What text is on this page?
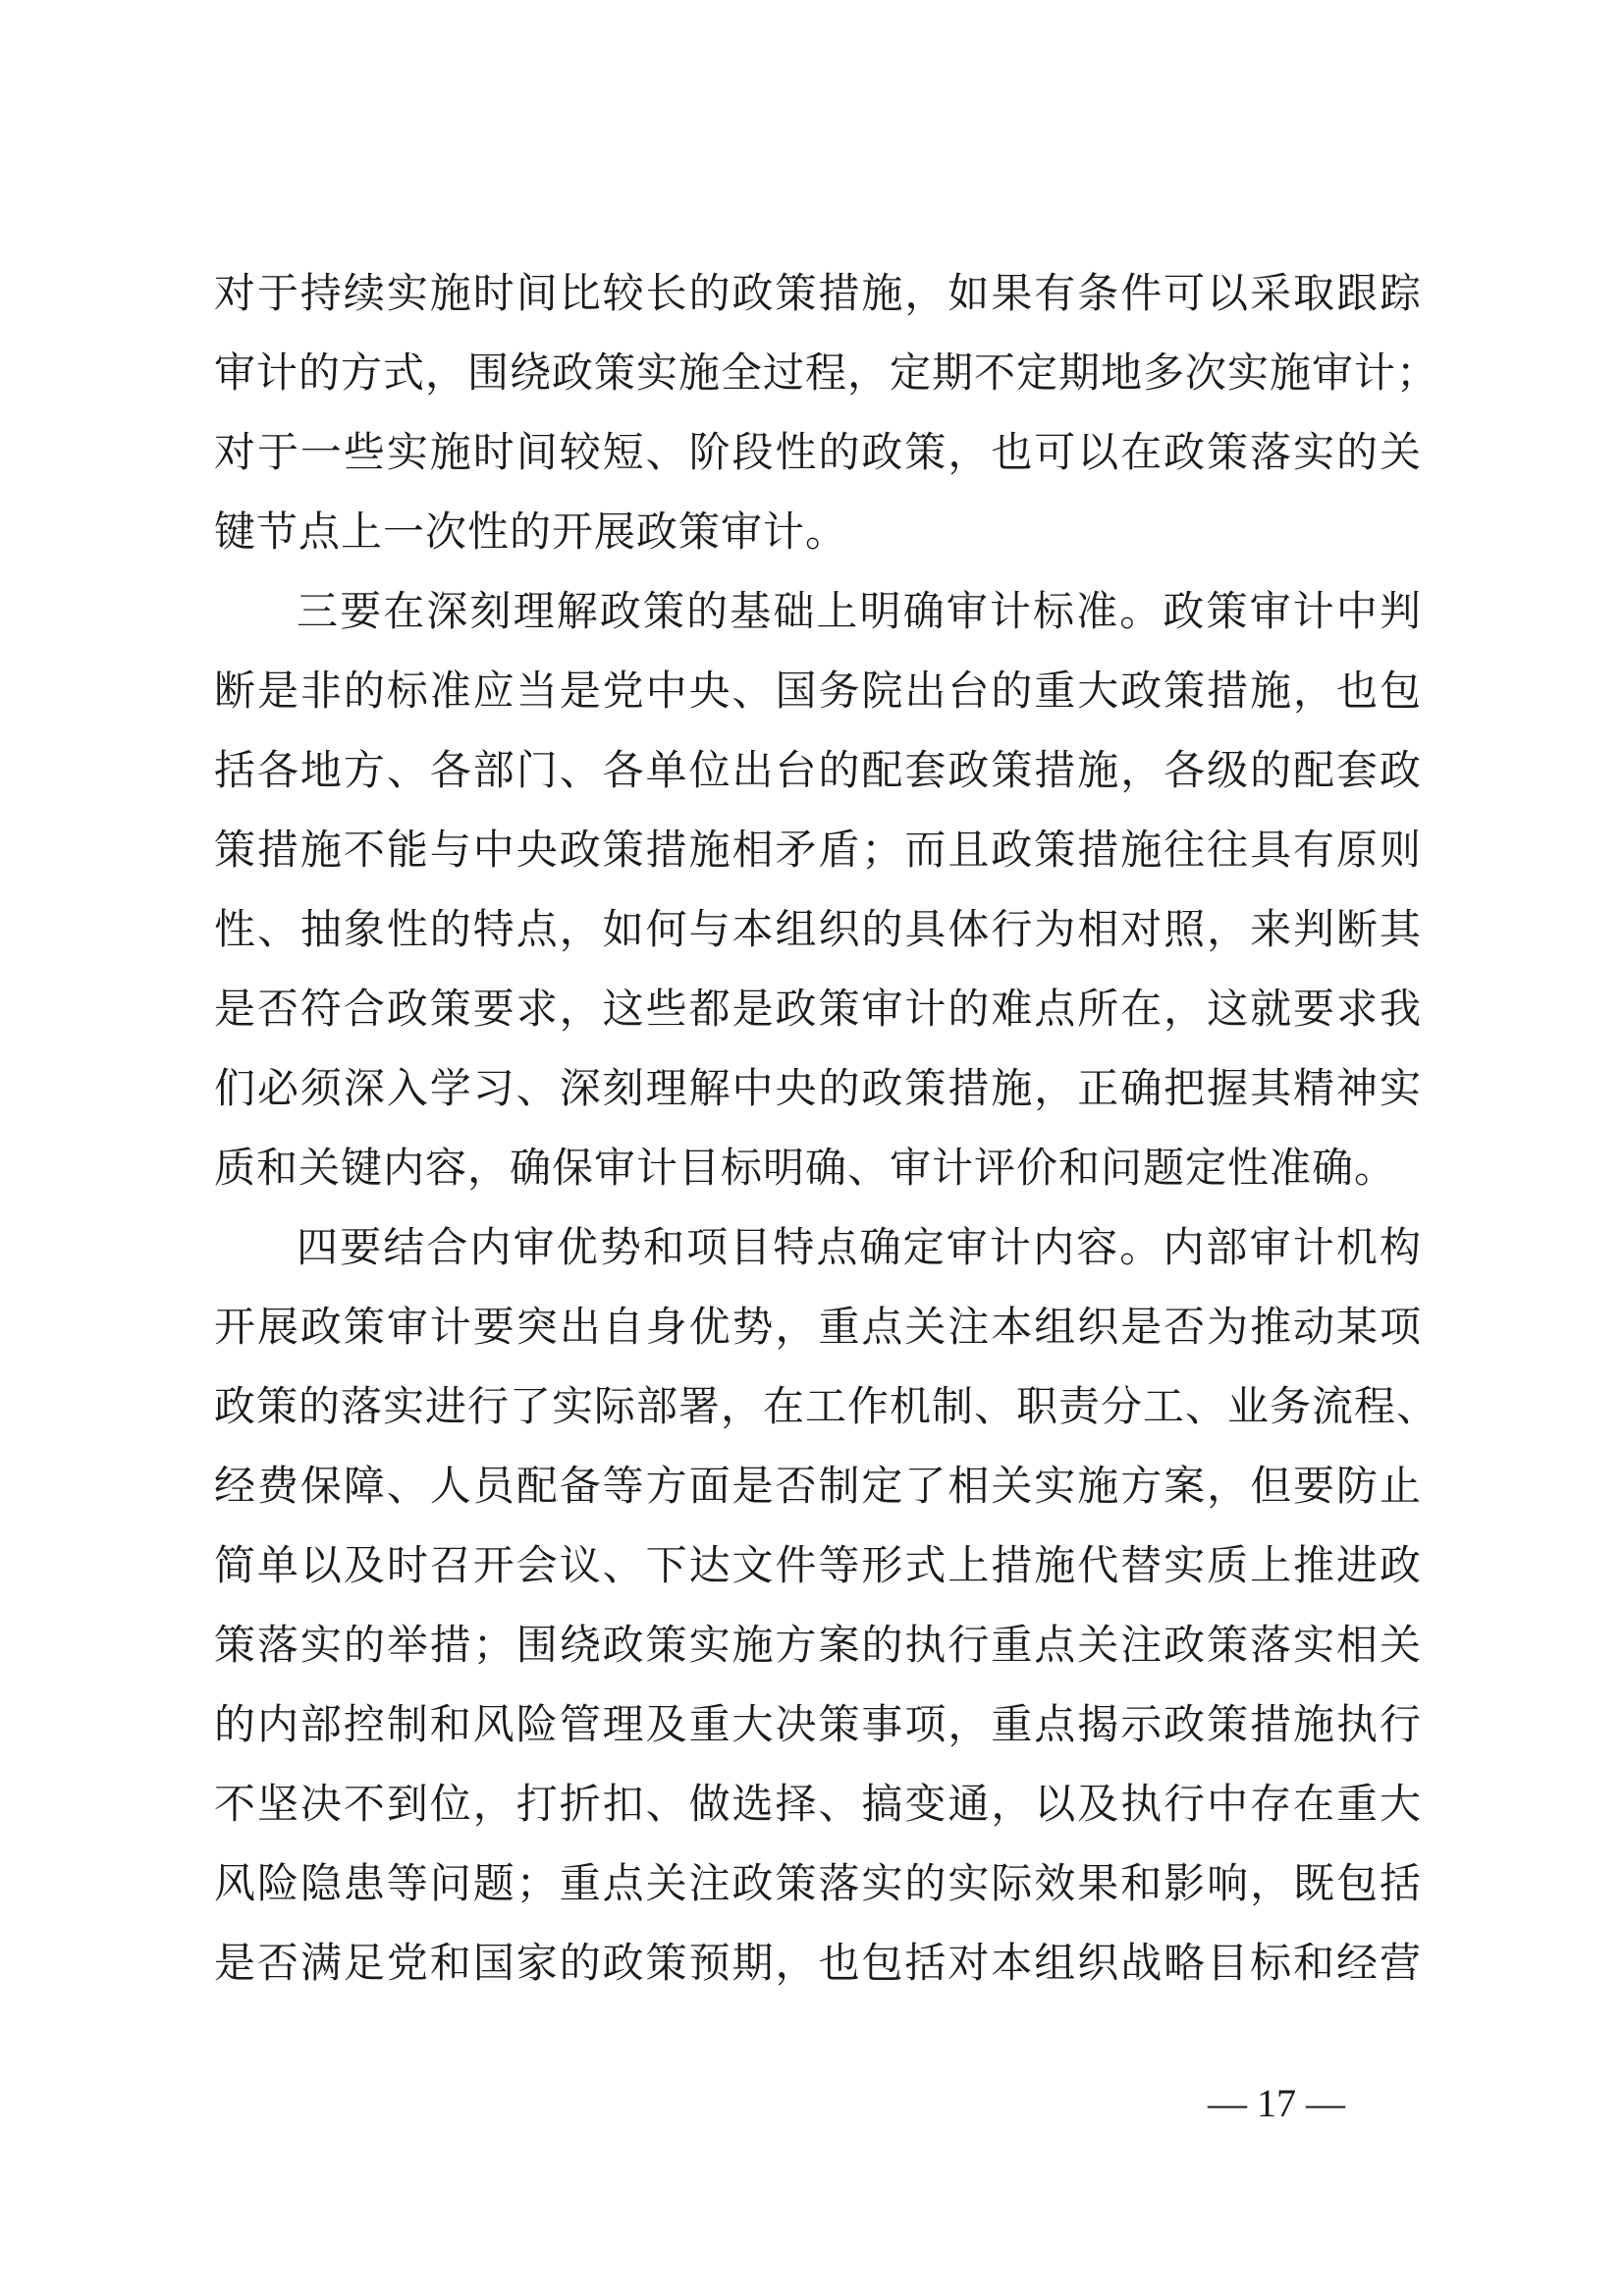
对于持续实施时间比较长的政策措施，如果有条件可以采取跟踪
审计的方式，围绕政策实施全过程，定期不定期地多次实施审计；
对于一些实施时间较短、阶段性的政策，也可以在政策落实的关
键节点上一次性的开展政策审计。
三要在深刻理解政策的基础上明确审计标准。政策审计中判
断是非的标准应当是党中央、国务院出台的重大政策措施，也包
括各地方、各部门、各单位出台的配套政策措施，各级的配套政
策措施不能与中央政策措施相矛盾；而且政策措施往往具有原则
性、抽象性的特点，如何与本组织的具体行为相对照，来判断其
是否符合政策要求，这些都是政策审计的难点所在，这就要求我
们必须深入学习、深刻理解中央的政策措施，正确把握其精神实
质和关键内容，确保审计目标明确、审计评价和问题定性准确。
四要结合内审优势和项目特点确定审计内容。内部审计机构
开展政策审计要突出自身优势，重点关注本组织是否为推动某项
政策的落实进行了实际部署，在工作机制、职责分工、业务流程、
经费保障、人员配备等方面是否制定了相关实施方案，但要防止
简单以及时召开会议、下达文件等形式上措施代替实质上推进政
策落实的举措；围绕政策实施方案的执行重点关注政策落实相关
的内部控制和风险管理及重大决策事项，重点揭示政策措施执行
不坚决不到位，打折扣、做选择、搞变通，以及执行中存在重大
风险隐患等问题；重点关注政策落实的实际效果和影响，既包括
是否满足党和国家的政策预期，也包括对本组织战略目标和经营
— 17 —
